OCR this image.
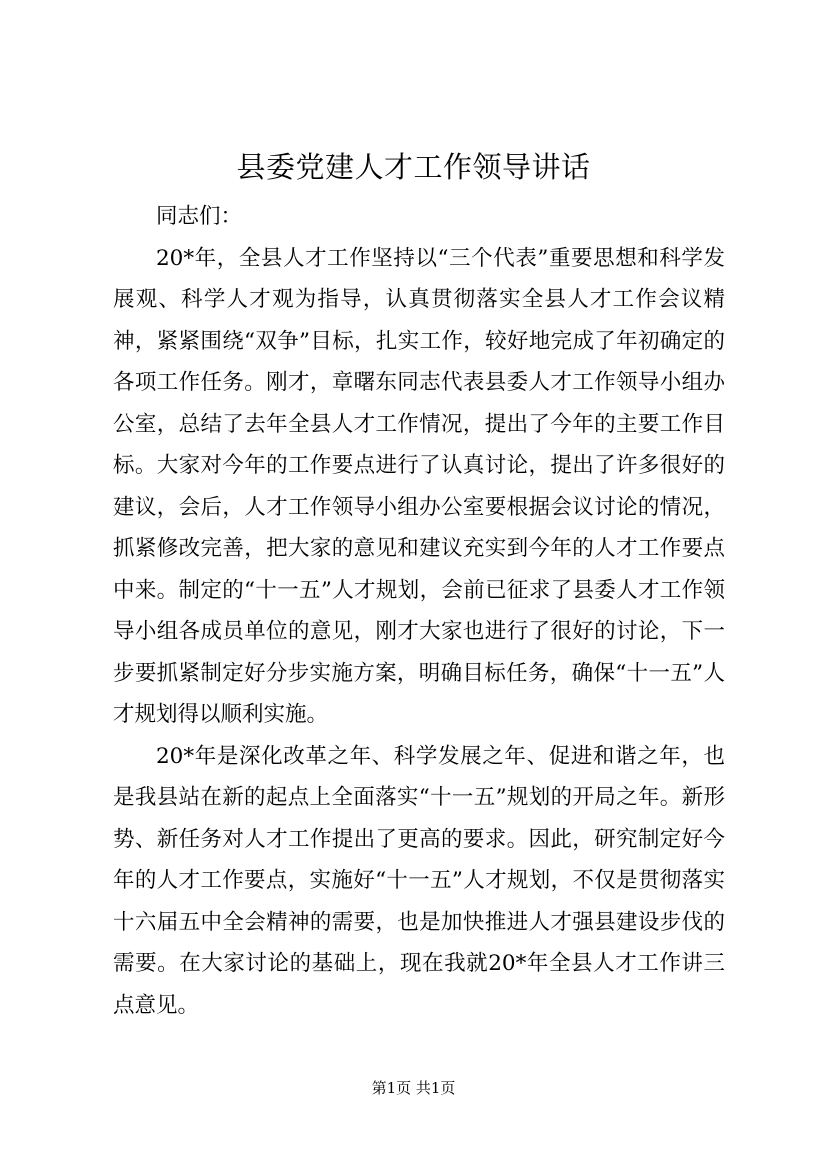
县委党建人才工作领导讲话

同志们：

20*年，全县人才工作坚持以“三个代表”重要思想和科学发展观、科学人才观为指导，认真贯彻落实全县人才工作会议精神，紧紧围绕“双争”目标，扎实工作，较好地完成了年初确定的各项工作任务。刚才，章曙东同志代表县委人才工作领导小组办公室，总结了去年全县人才工作情况，提出了今年的主要工作目标。大家对今年的工作要点进行了认真讨论，提出了许多很好的建议，会后，人才工作领导小组办公室要根据会议讨论的情况，抓紧修改完善，把大家的意见和建议充实到今年的人才工作要点中来。制定的“十一五”人才规划，会前已征求了县委人才工作领导小组各成员单位的意见，刚才大家也进行了很好的讨论，下一步要抓紧制定好分步实施方案，明确目标任务，确保“十一五”人才规划得以顺利实施。

20*年是深化改革之年、科学发展之年、促进和谐之年，也是我县站在新的起点上全面落实“十一五”规划的开局之年。新形势、新任务对人才工作提出了更高的要求。因此，研究制定好今年的人才工作要点，实施好“十一五”人才规划，不仅是贯彻落实十六届五中全会精神的需要，也是加快推进人才强县建设步伐的需要。在大家讨论的基础上，现在我就20*年全县人才工作讲三点意见。

第1页 共1页
